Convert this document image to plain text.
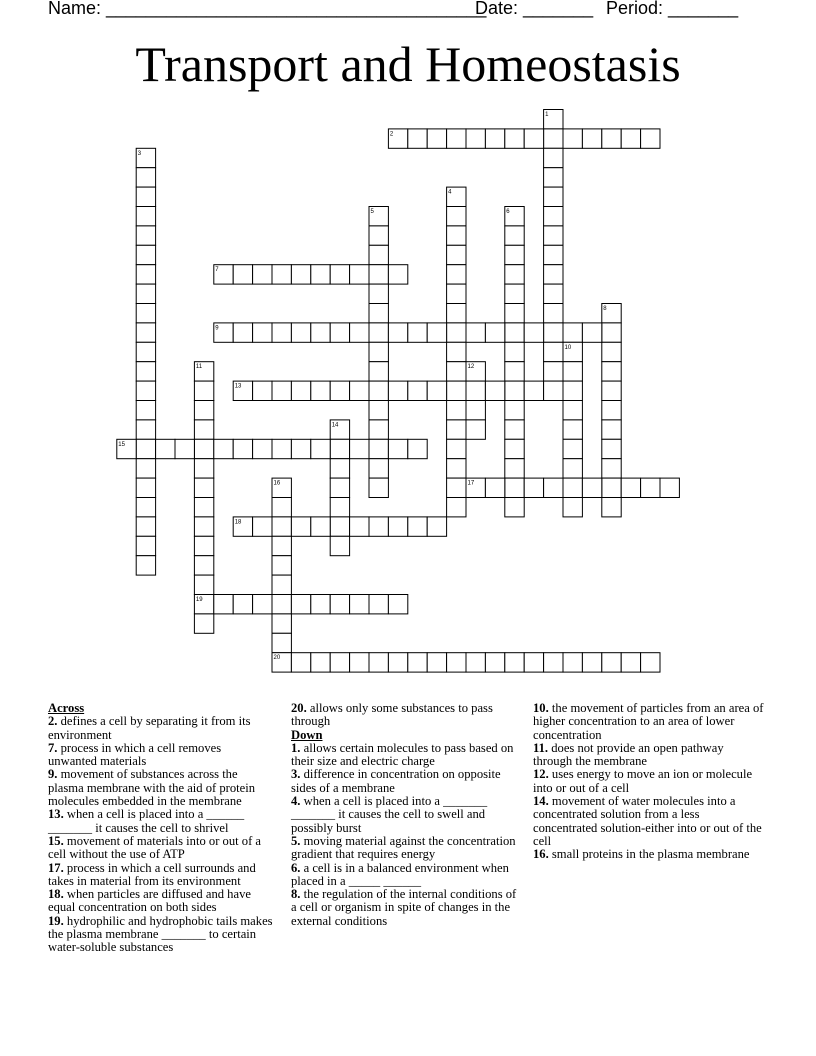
Name: ______________________________________
Date: _______ Period: _______
Transport and Homeostasis
1
2
3
4
5	6
7
8
9
10
11	12
13
14
15
16	17
18
19
20
Across

2. defines a cell by separating it from its environment

7. process in which a cell removes unwanted materials

9. movement of substances across the plasma membrane with the aid of protein molecules embedded in the membrane

13. when a cell is placed into a ______ _______ it causes the cell to shrivel

15. movement of materials into or out of a cell without the use of ATP

17. process in which a cell surrounds and takes in material from its environment

18. when particles are diffused and have equal concentration on both sides

19. hydrophilic and hydrophobic tails makes the plasma membrane _______ to certain water-soluble substances

20. allows only some substances to pass through

Down

1. allows certain molecules to pass based on their size and electric charge

3. difference in concentration on opposite sides of a membrane

4. when a cell is placed into a _______ _______ it causes the cell to swell and possibly burst

5. moving material against the concentration gradient that requires energy

6. a cell is in a balanced environment when placed in a _____ ______

8. the regulation of the internal conditions of a cell or organism in spite of changes in the external conditions

10. the movement of particles from an area of higher concentration to an area of lower concentration

11. does not provide an open pathway through the membrane

12. uses energy to move an ion or molecule into or out of a cell

14. movement of water molecules into a concentrated solution from a less concentrated solution-either into or out of the cell

16. small proteins in the plasma membrane
